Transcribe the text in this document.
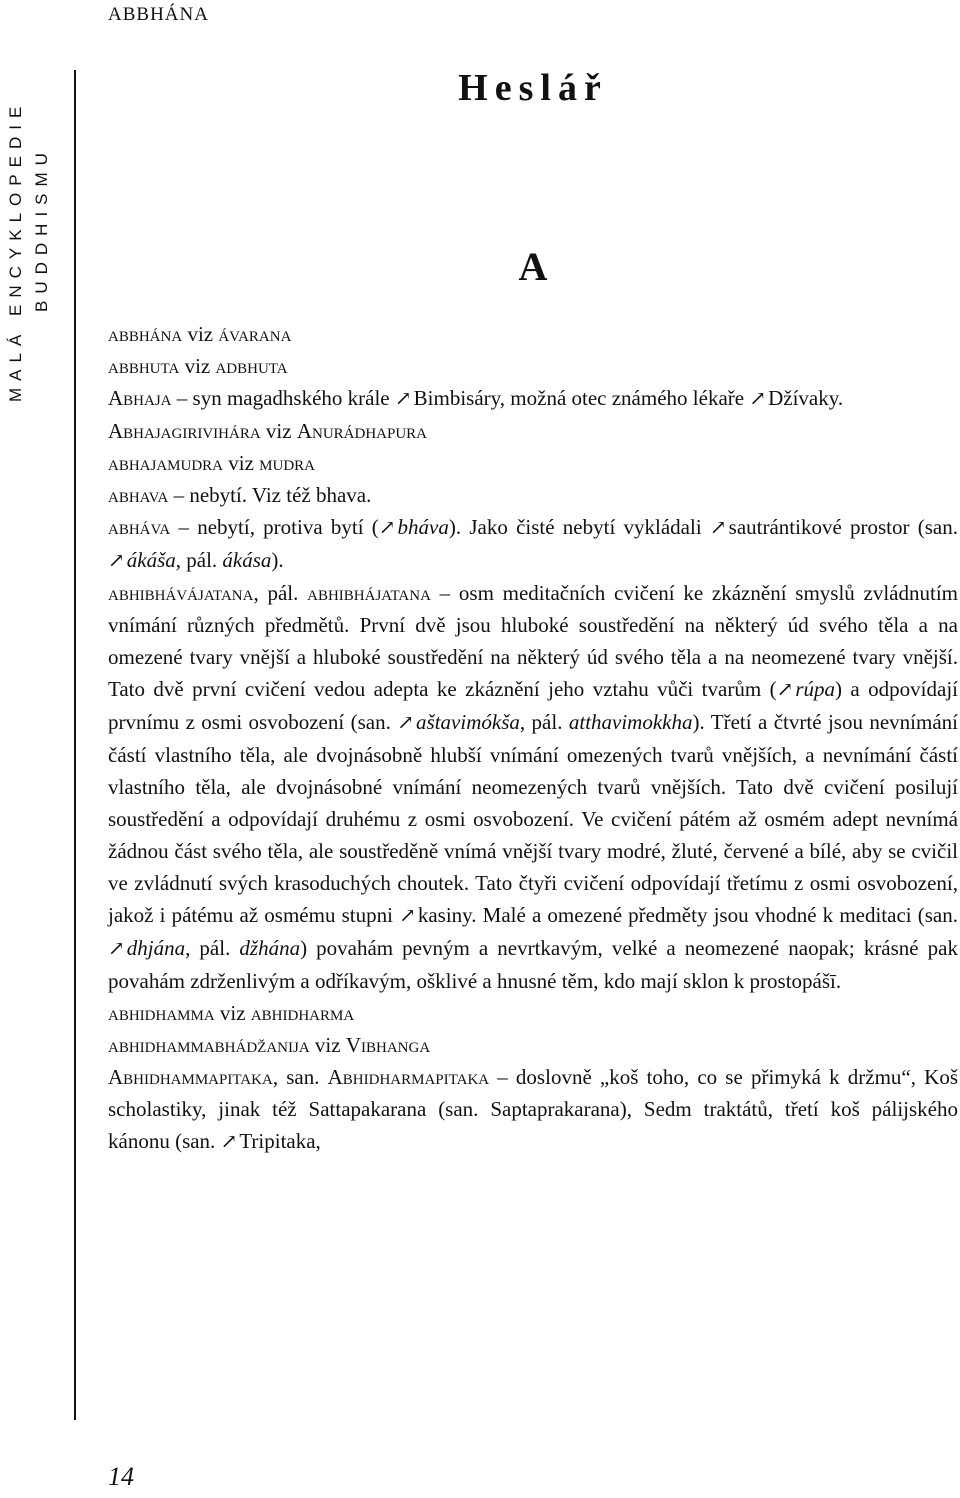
ABBHÁNA
MALÁ ENCYKLOPEDIE BUDDHISMU
Heslář
A

abbhána viz ávarana

abbhuta viz adbhuta

Abhaja – syn magadhského krále ↗Bimbisáry, možná otec známého lékaře ↗Džívaky.

Abhajagirivihára viz Anurádhapura

abhajamudra viz mudra

abhava – nebytí. Viz též bhava.

abháva – nebytí, protiva bytí (↗bháva). Jako čisté nebytí vykládali ↗sautrántikové prostor (san. ↗ákáša, pál. ákása).

abhibhávájatana, pál. abhibhájatana – osm meditačních cvičení ke zkáznění smyslů zvládnutím vnímání různých předmětů. První dvě jsou hluboké soustředění na některý úd svého těla a na omezené tvary vnější a hluboké soustředění na některý úd svého těla a na neomezené tvary vnější. Tato dvě první cvičení vedou adepta ke zkáznění jeho vztahu vůči tvarům (↗rúpa) a odpovídají prvnímu z osmi osvobození (san. ↗aštavimókša, pál. atthavimokkha). Třetí a čtvrté jsou nevnímání částí vlastního těla, ale dvojnásobně hlubší vnímání omezených tvarů vnějších, a nevnímání částí vlastního těla, ale dvojnásobné vnímání neomezených tvarů vnějších. Tato dvě cvičení posilují soustředění a odpovídají druhému z osmi osvobození. Ve cvičení pátém až osmém adept nevnímá žádnou část svého těla, ale soustředěně vnímá vnější tvary modré, žluté, červené a bílé, aby se cvičil ve zvládnutí svých krasoduchých choutek. Tato čtyři cvičení odpovídají třetímu z osmi osvobození, jakož i pátému až osmému stupni ↗kasiny. Malé a omezené předměty jsou vhodné k meditaci (san. ↗dhjána, pál. džhána) povahám pevným a nevrtkavým, velké a neomezené naopak; krásné pak povahám zdrženlivým a odříkavým, ošklivé a hnusné těm, kdo mají sklon k prostopášī.

abhidhamma viz abhidharma

abhidhammabhádžanija viz Vibhanga

Abhidhammapitaka, san. Abhidharmapitaka – doslovně „koš toho, co se přimyká k držmu“, Koš scholastiky, jinak též Sattapakarana (san. Saptaprakarana), Sedm traktátů, třetí koš pálijského kánonu (san. ↗Tripitaka,

14
